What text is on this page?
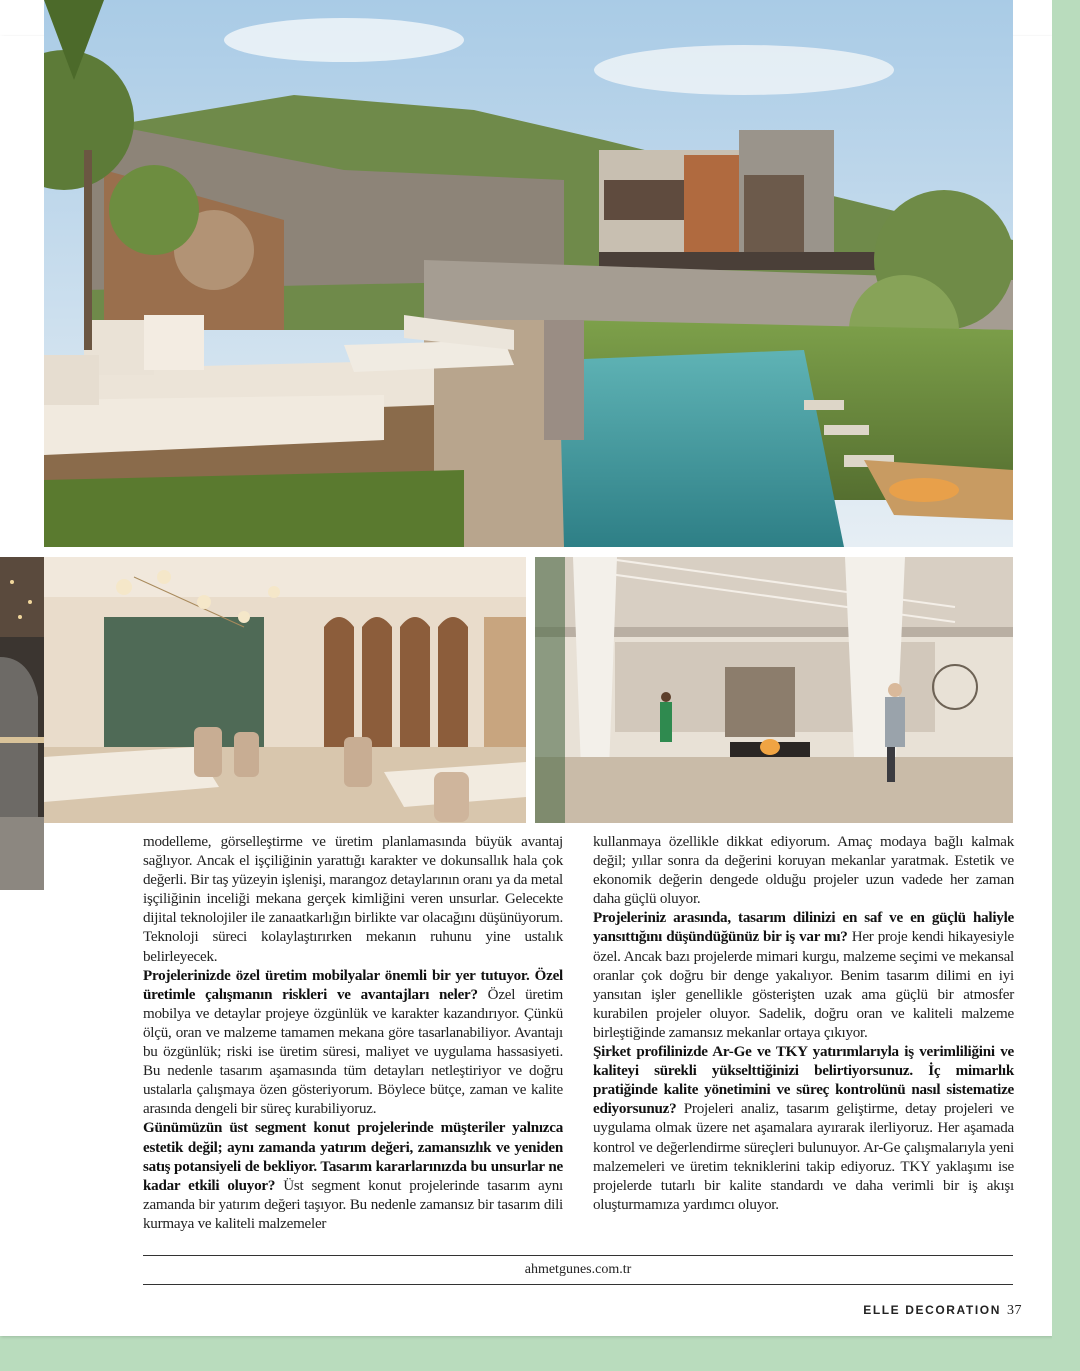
modelleme, görselleştirme ve üretim planlamasında büyük avantaj sağlıyor. Ancak el işçiliğinin yarattığı karakter ve dokunsallık hala çok değerli. Bir taş yüzeyin işlenişi, marangoz detaylarının oranı ya da metal işçiliğinin inceliği mekana gerçek kimliğini veren unsurlar. Gelecekte dijital teknolojiler ile zanaatkarlığın birlikte var olacağını düşünüyorum. Teknoloji süreci kolaylaştırırken mekanın ruhunu yine ustalık belirleyecek.

Projelerinizde özel üretim mobilyalar önemli bir yer tutuyor. Özel üretimle çalışmanın riskleri ve avantajları neler? Özel üretim mobilya ve detaylar projeye özgünlük ve karakter kazandırıyor. Çünkü ölçü, oran ve malzeme tamamen mekana göre tasarlanabiliyor. Avantajı bu özgünlük; riski ise üretim süresi, maliyet ve uygulama hassasiyeti. Bu nedenle tasarım aşamasında tüm detayları netleştiriyor ve doğru ustalarla çalışmaya özen gösteriyorum. Böylece bütçe, zaman ve kalite arasında dengeli bir süreç kurabiliyoruz.

Günümüzün üst segment konut projelerinde müşteriler yalnızca estetik değil; aynı zamanda yatırım değeri, zamansızlık ve yeniden satış potansiyeli de bekliyor. Tasarım kararlarınızda bu unsurlar ne kadar etkili oluyor? Üst segment konut projelerinde tasarım aynı zamanda bir yatırım değeri taşıyor. Bu nedenle zamansız bir tasarım dili kurmaya ve kaliteli malzemeler

kullanmaya özellikle dikkat ediyorum. Amaç modaya bağlı kalmak değil; yıllar sonra da değerini koruyan mekanlar yaratmak. Estetik ve ekonomik değerin dengede olduğu projeler uzun vadede her zaman daha güçlü oluyor.

Projeleriniz arasında, tasarım dilinizi en saf ve en güçlü haliyle yansıttığını düşündüğünüz bir iş var mı? Her proje kendi hikayesiyle özel. Ancak bazı projelerde mimari kurgu, malzeme seçimi ve mekansal oranlar çok doğru bir denge yakalıyor. Benim tasarım dilimi en iyi yansıtan işler genellikle gösterişten uzak ama güçlü bir atmosfer kurabilen projeler oluyor. Sadelik, doğru oran ve kaliteli malzeme birleştiğinde zamansız mekanlar ortaya çıkıyor.

Şirket profilinizde Ar-Ge ve TKY yatırımlarıyla iş verimliliğini ve kaliteyi sürekli yükselttiğinizi belirtiyorsunuz. İç mimarlık pratiğinde kalite yönetimini ve süreç kontrolünü nasıl sistematize ediyorsunuz? Projeleri analiz, tasarım geliştirme, detay projeleri ve uygulama olmak üzere net aşamalara ayırarak ilerliyoruz. Her aşamada kontrol ve değerlendirme süreçleri bulunuyor. Ar-Ge çalışmalarıyla yeni malzemeleri ve üretim tekniklerini takip ediyoruz. TKY yaklaşımı ise projelerde tutarlı bir kalite standardı ve daha verimli bir iş akışı oluşturmamıza yardımcı oluyor.

ahmetgunes.com.tr
ELLE DECORATION 37
